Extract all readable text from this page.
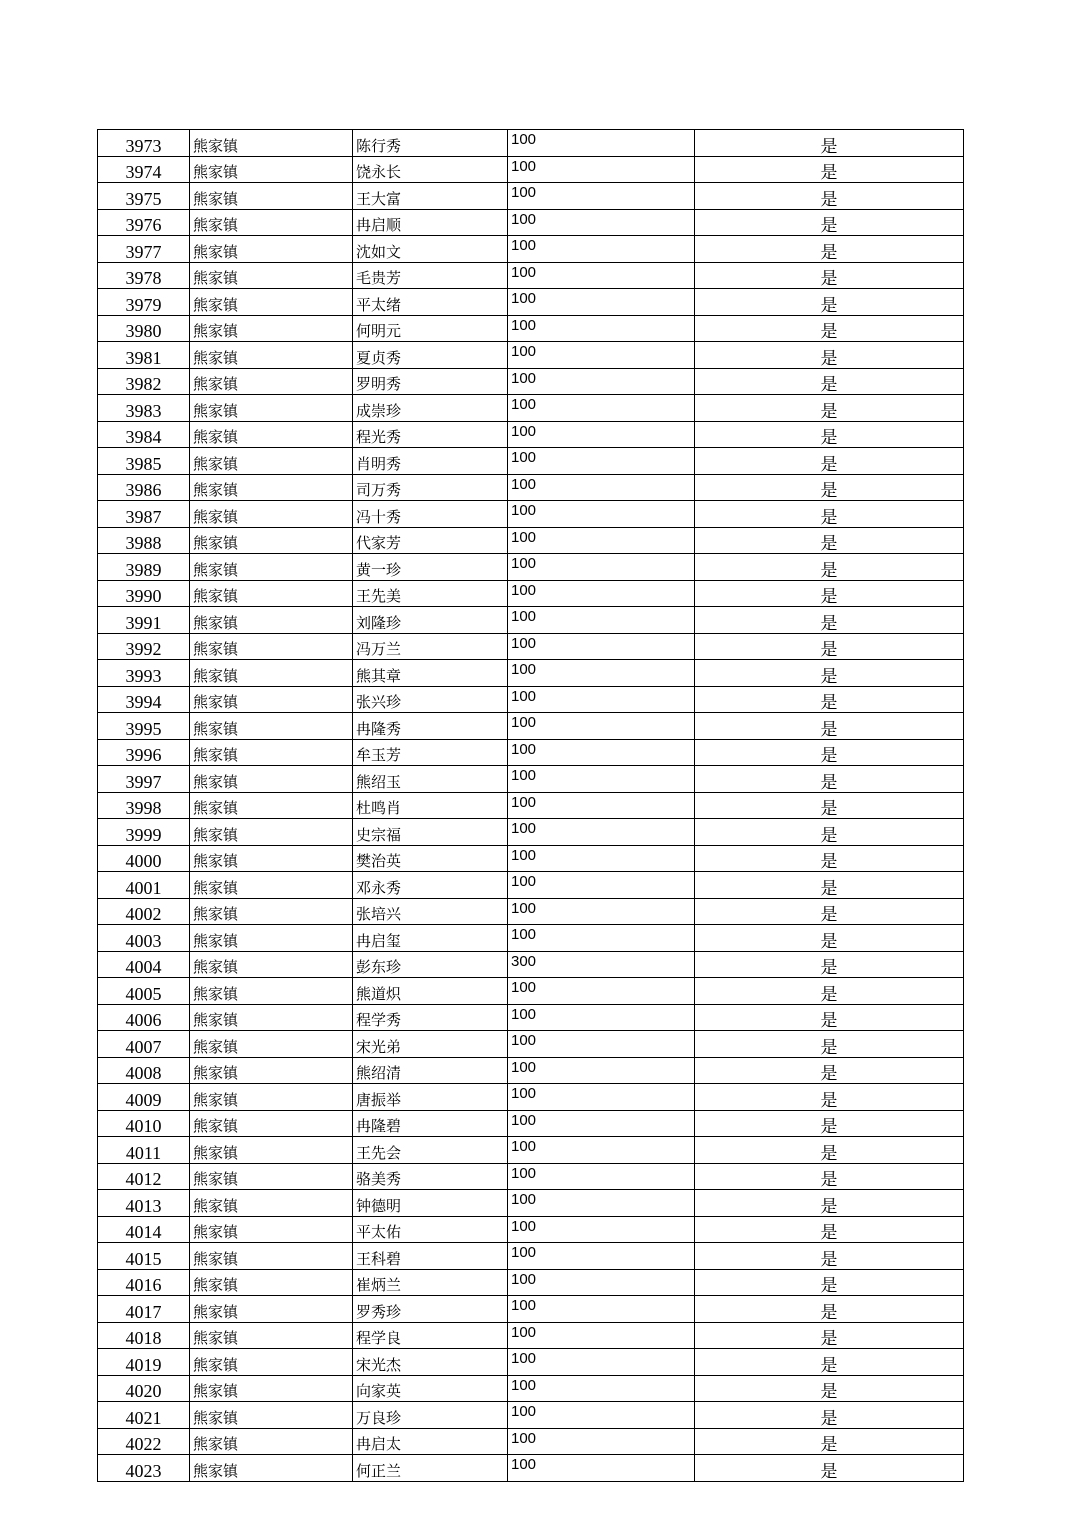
3973	熊家镇	陈行秀	100	是
3974	熊家镇	饶永长	100	是
3975	熊家镇	王大富	100	是
3976	熊家镇	冉启顺	100	是
3977	熊家镇	沈如文	100	是
3978	熊家镇	毛贵芳	100	是
3979	熊家镇	平太绪	100	是
3980	熊家镇	何明元	100	是
3981	熊家镇	夏贞秀	100	是
3982	熊家镇	罗明秀	100	是
3983	熊家镇	成崇珍	100	是
3984	熊家镇	程光秀	100	是
3985	熊家镇	肖明秀	100	是
3986	熊家镇	司万秀	100	是
3987	熊家镇	冯十秀	100	是
3988	熊家镇	代家芳	100	是
3989	熊家镇	黄一珍	100	是
3990	熊家镇	王先美	100	是
3991	熊家镇	刘隆珍	100	是
3992	熊家镇	冯万兰	100	是
3993	熊家镇	熊其章	100	是
3994	熊家镇	张兴珍	100	是
3995	熊家镇	冉隆秀	100	是
3996	熊家镇	牟玉芳	100	是
3997	熊家镇	熊绍玉	100	是
3998	熊家镇	杜鸣肖	100	是
3999	熊家镇	史宗福	100	是
4000	熊家镇	樊治英	100	是
4001	熊家镇	邓永秀	100	是
4002	熊家镇	张培兴	100	是
4003	熊家镇	冉启玺	100	是
4004	熊家镇	彭东珍	300	是
4005	熊家镇	熊道炽	100	是
4006	熊家镇	程学秀	100	是
4007	熊家镇	宋光弟	100	是
4008	熊家镇	熊绍清	100	是
4009	熊家镇	唐振举	100	是
4010	熊家镇	冉隆碧	100	是
4011	熊家镇	王先会	100	是
4012	熊家镇	骆美秀	100	是
4013	熊家镇	钟德明	100	是
4014	熊家镇	平太佑	100	是
4015	熊家镇	王科碧	100	是
4016	熊家镇	崔炳兰	100	是
4017	熊家镇	罗秀珍	100	是
4018	熊家镇	程学良	100	是
4019	熊家镇	宋光杰	100	是
4020	熊家镇	向家英	100	是
4021	熊家镇	万良珍	100	是
4022	熊家镇	冉启太	100	是
4023	熊家镇	何正兰	100	是
